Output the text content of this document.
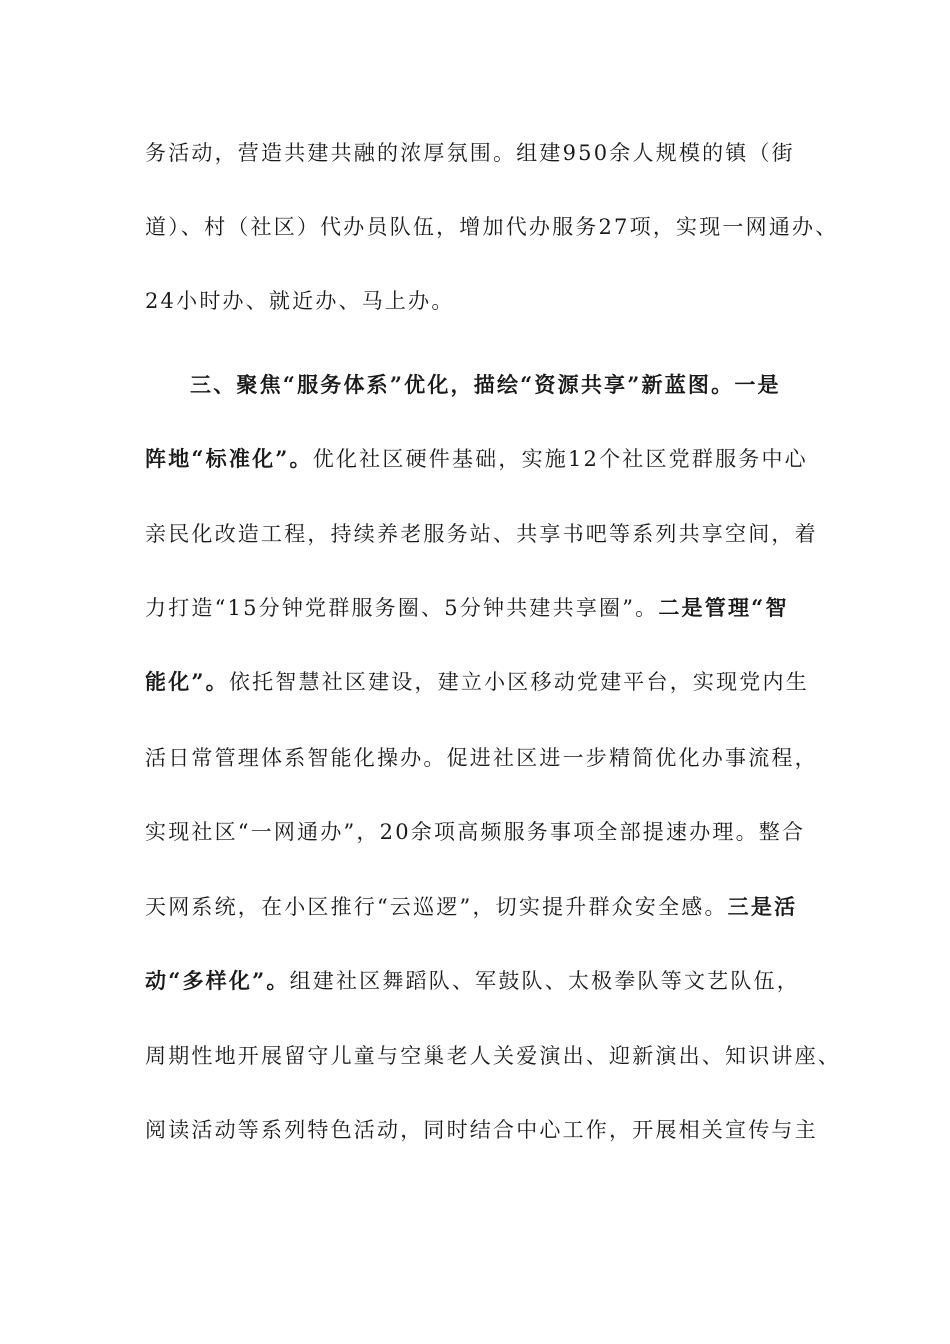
务活动，营造共建共融的浓厚氛围。组建950余人规模的镇（街
道）、村（社区）代办员队伍，增加代办服务27项，实现一网通办、
24小时办、就近办、马上办。
三、聚焦“服务体系”优化，描绘“资源共享”新蓝图。一是
阵地“标准化”。优化社区硬件基础，实施12个社区党群服务中心
亲民化改造工程，持续养老服务站、共享书吧等系列共享空间，着
力打造“15分钟党群服务圈、5分钟共建共享圈”。二是管理“智
能化”。依托智慧社区建设，建立小区移动党建平台，实现党内生
活日常管理体系智能化操办。促进社区进一步精简优化办事流程，
实现社区“一网通办”，20余项高频服务事项全部提速办理。整合
天网系统，在小区推行“云巡逻”，切实提升群众安全感。三是活
动“多样化”。组建社区舞蹈队、军鼓队、太极拳队等文艺队伍，
周期性地开展留守儿童与空巢老人关爱演出、迎新演出、知识讲座、
阅读活动等系列特色活动，同时结合中心工作，开展相关宣传与主
